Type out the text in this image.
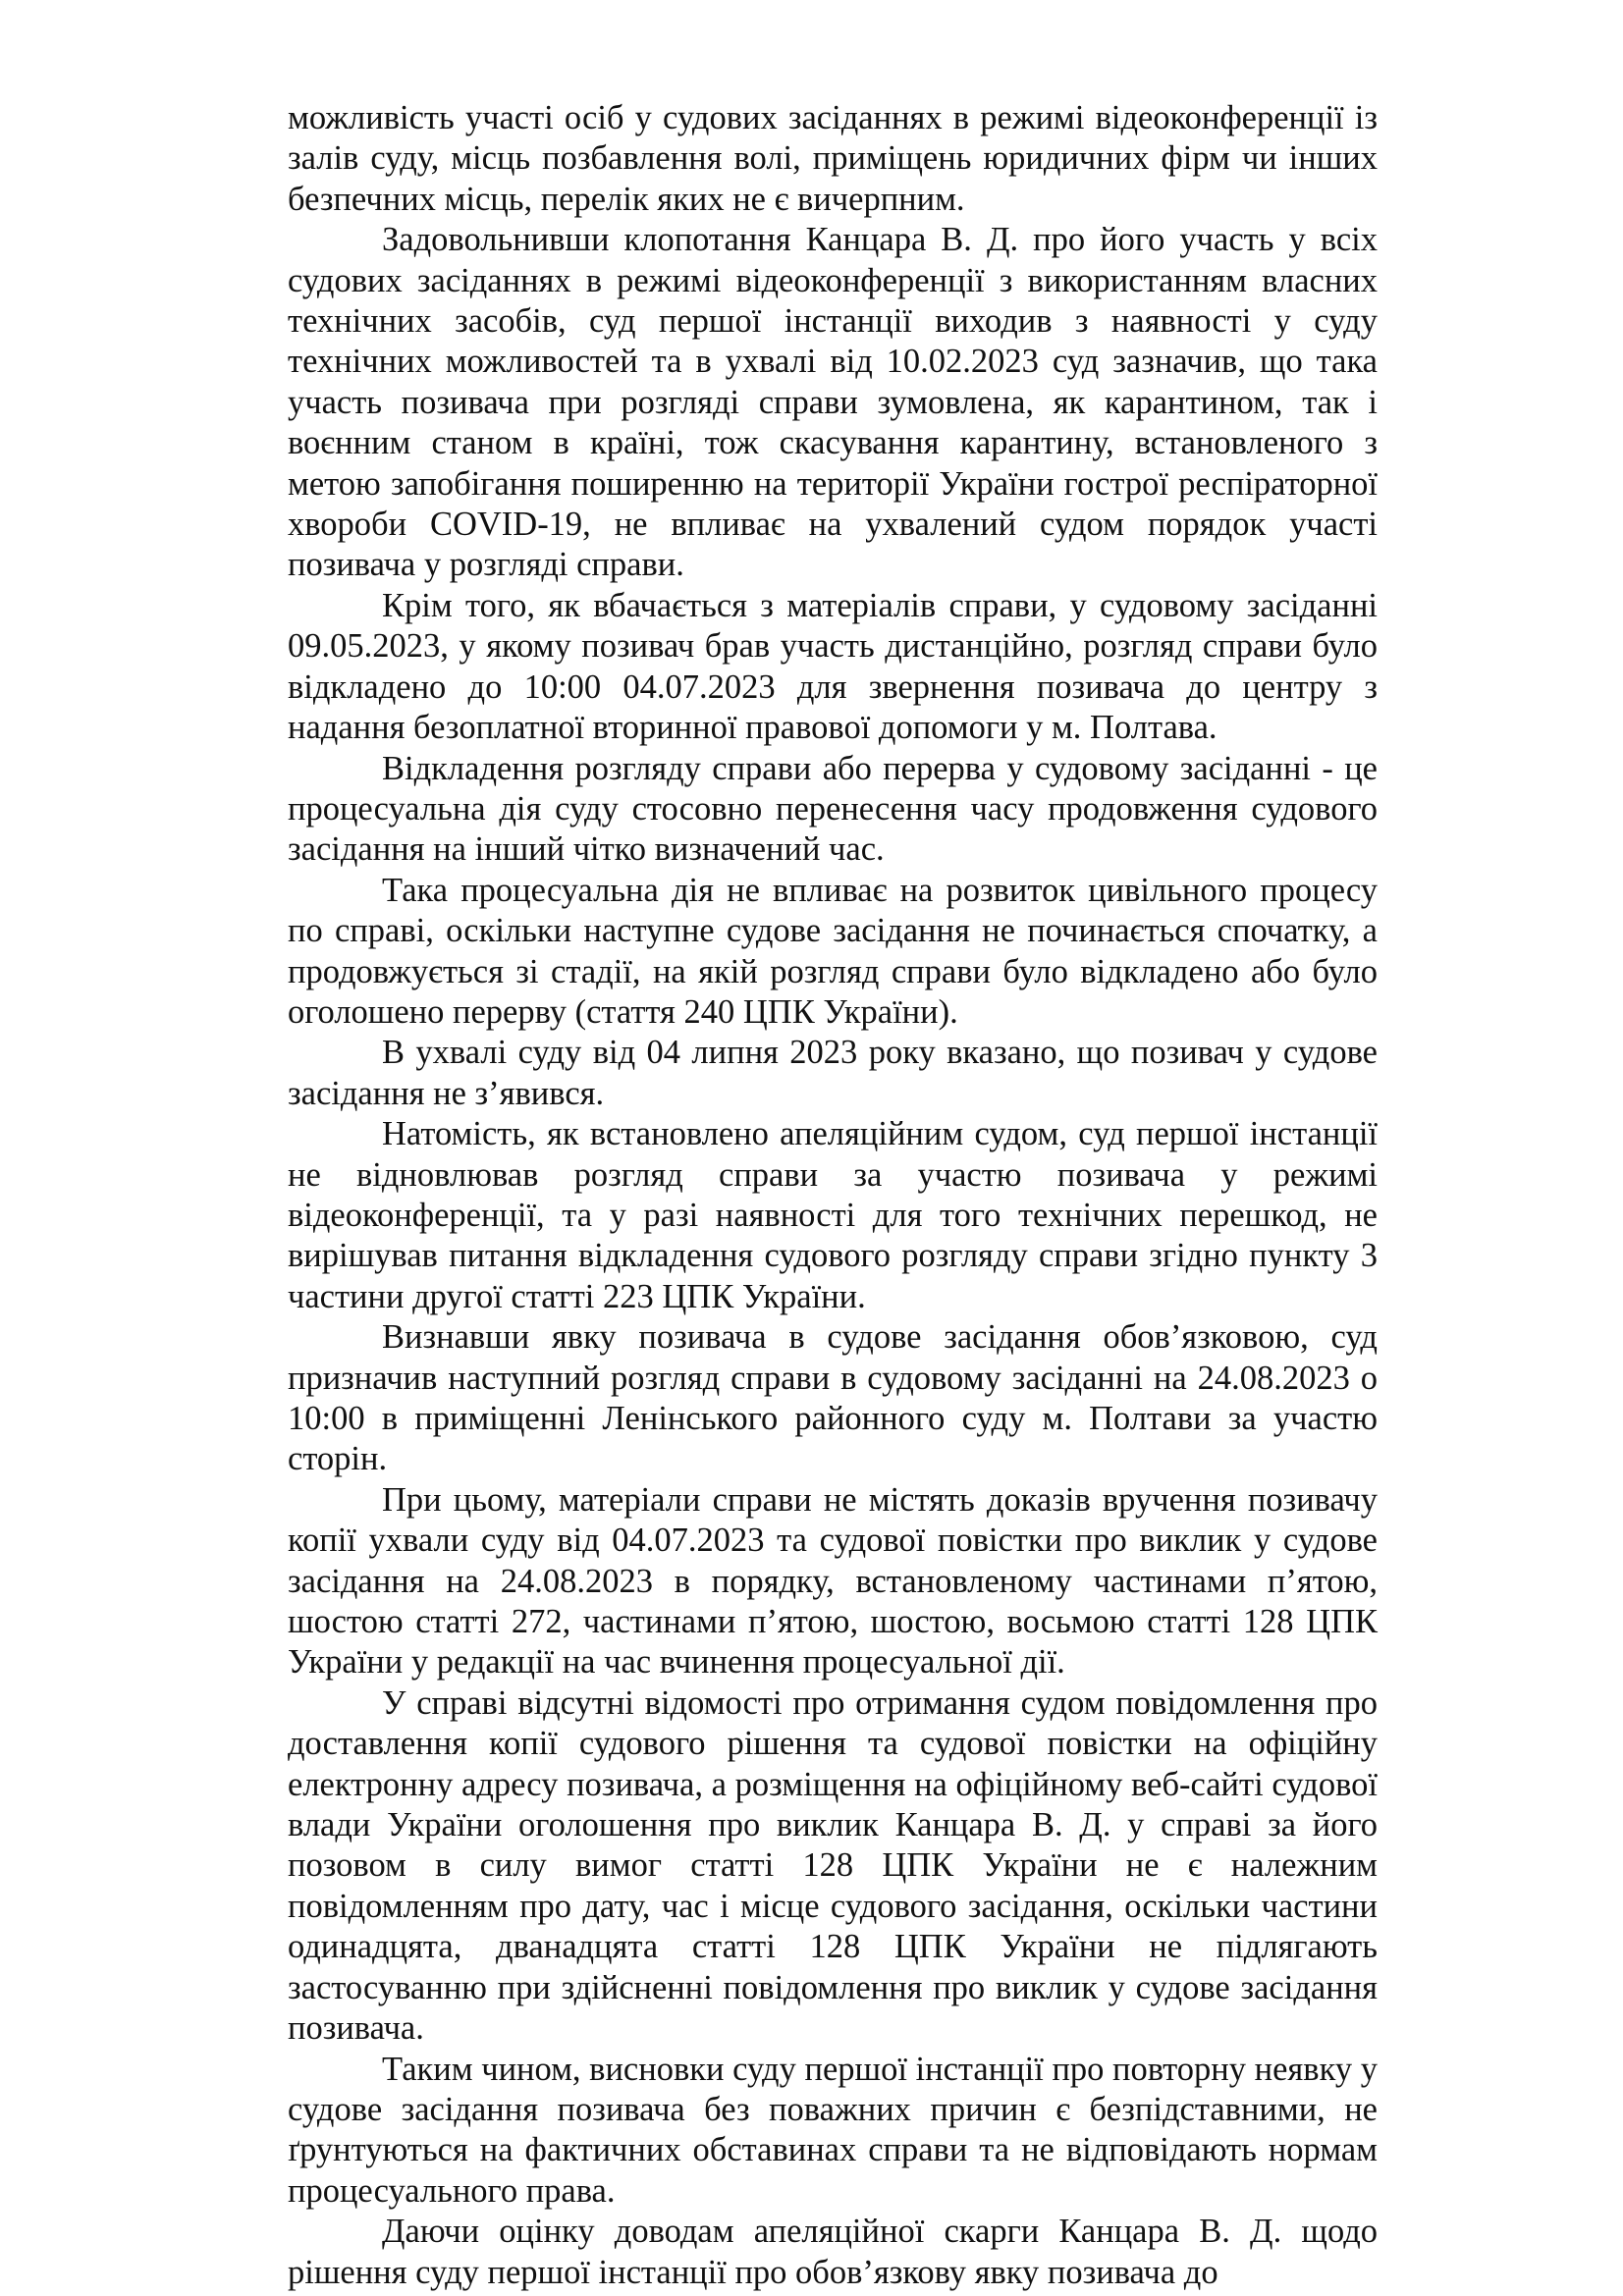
можливість участі осіб у судових засіданнях в режимі відеоконференції із залів суду, місць позбавлення волі, приміщень юридичних фірм чи інших безпечних місць, перелік яких не є вичерпним.

Задовольнивши клопотання Канцара В. Д. про його участь у всіх судових засіданнях в режимі відеоконференції з використанням власних технічних засобів, суд першої інстанції виходив з наявності у суду технічних можливостей та в ухвалі від 10.02.2023 суд зазначив, що така участь позивача при розгляді справи зумовлена, як карантином, так і воєнним станом в країні, тож скасування карантину, встановленого з метою запобігання поширенню на території України гострої респіраторної хвороби COVID-19, не впливає на ухвалений судом порядок участі позивача у розгляді справи.

Крім того, як вбачається з матеріалів справи, у судовому засіданні 09.05.2023, у якому позивач брав участь дистанційно, розгляд справи було відкладено до 10:00 04.07.2023 для звернення позивача до центру з надання безоплатної вторинної правової допомоги у м. Полтава.

Відкладення розгляду справи або перерва у судовому засіданні - це процесуальна дія суду стосовно перенесення часу продовження судового засідання на інший чітко визначений час.

Така процесуальна дія не впливає на розвиток цивільного процесу по справі, оскільки наступне судове засідання не починається спочатку, а продовжується зі стадії, на якій розгляд справи було відкладено або було оголошено перерву (стаття 240 ЦПК України).

В ухвалі суду від 04 липня 2023 року вказано, що позивач у судове засідання не з’явився.

Натомість, як встановлено апеляційним судом, суд першої інстанції не відновлював розгляд справи за участю позивача у режимі відеоконференції, та у разі наявності для того технічних перешкод, не вирішував питання відкладення судового розгляду справи згідно пункту 3 частини другої статті 223 ЦПК України.

Визнавши явку позивача в судове засідання обов’язковою, суд призначив наступний розгляд справи в судовому засіданні на 24.08.2023 о 10:00 в приміщенні Ленінського районного суду м. Полтави за участю сторін.

При цьому, матеріали справи не містять доказів вручення позивачу копії ухвали суду від 04.07.2023 та судової повістки про виклик у судове засідання на 24.08.2023 в порядку, встановленому частинами п’ятою, шостою статті 272, частинами п’ятою, шостою, восьмою статті 128 ЦПК України у редакції на час вчинення процесуальної дії.

У справі відсутні відомості про отримання судом повідомлення про доставлення копії судового рішення та судової повістки на офіційну електронну адресу позивача, а розміщення на офіційному веб-сайті судової влади України оголошення про виклик Канцара В. Д. у справі за його позовом в силу вимог статті 128 ЦПК України не є належним повідомленням про дату, час і місце судового засідання, оскільки частини одинадцята, дванадцята статті 128 ЦПК України не підлягають застосуванню при здійсненні повідомлення про виклик у судове засідання позивача.

Таким чином, висновки суду першої інстанції про повторну неявку у судове засідання позивача без поважних причин є безпідставними, не ґрунтуються на фактичних обставинах справи та не відповідають нормам процесуального права.

Даючи оцінку доводам апеляційної скарги Канцара В. Д. щодо рішення суду першої інстанції про обов’язкову явку позивача до
